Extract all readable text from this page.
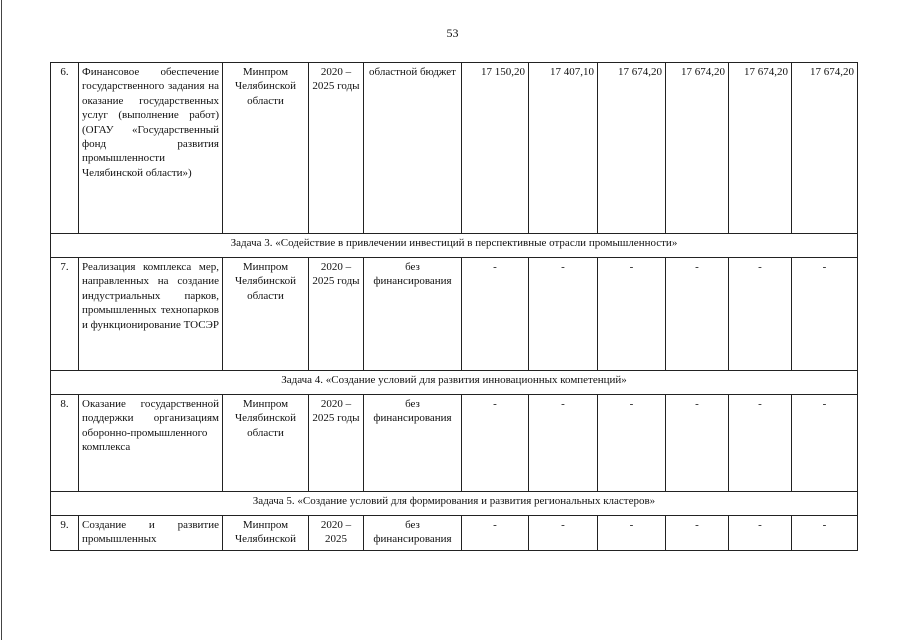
53
6.	Финансовое обеспечение государственного задания на оказание государственных услуг (выполнение работ) (ОГАУ «Государственный фонд развития промышленности Челябинской области»)	Минпром Челябинской области	2020 – 2025 годы	областной бюджет	17 150,20	17 407,10	17 674,20	17 674,20	17 674,20	17 674,20
Задача 3. «Содействие в привлечении инвестиций в перспективные отрасли промышленности»										
7.	Реализация комплекса мер, направленных на создание индустриальных парков, промышленных технопарков и функционирование ТОСЭР	Минпром Челябинской области	2020 – 2025 годы	без финансирования	-	-	-	-	-	-
Задача 4. «Создание условий для развития инновационных компетенций»										
8.	Оказание государственной поддержки организациям оборонно-промышленного комплекса	Минпром Челябинской области	2020 – 2025 годы	без финансирования	-	-	-	-	-	-
Задача 5. «Создание условий для формирования и развития региональных кластеров»										
9.	Создание и развитие промышленных	Минпром Челябинской	2020 – 2025	без финансирования	-	-	-	-	-	-
